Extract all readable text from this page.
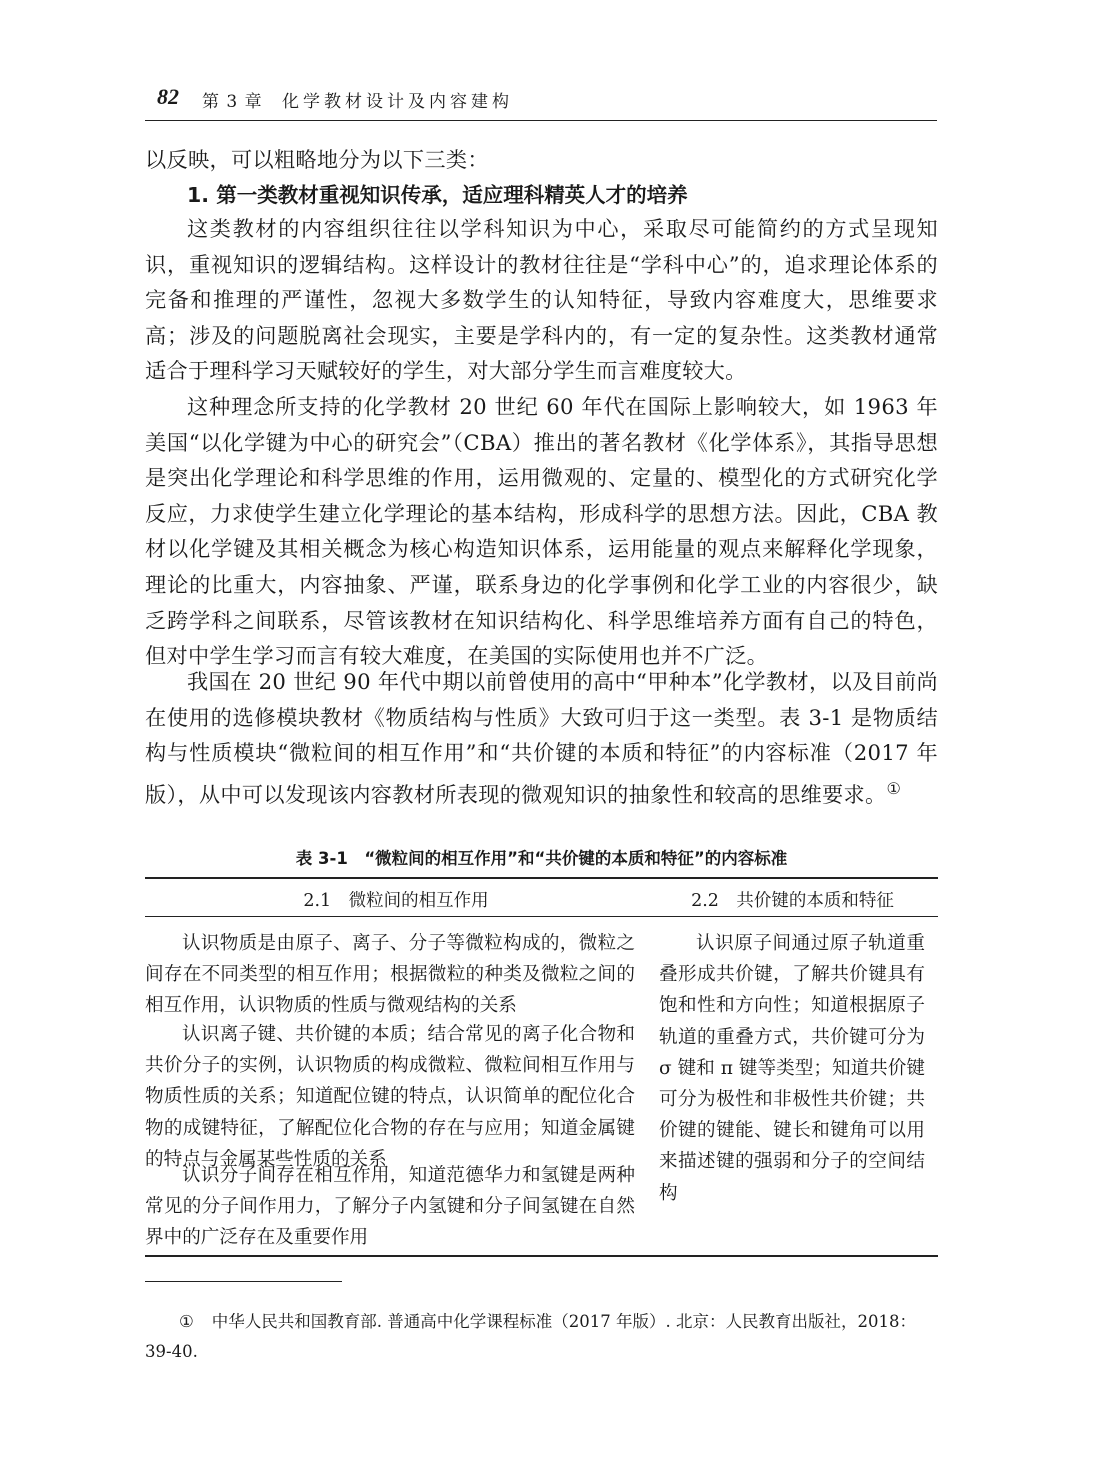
82 第 3 章 化学教材设计及内容建构

以反映，可以粗略地分为以下三类：

1. 第一类教材重视知识传承，适应理科精英人才的培养

这类教材的内容组织往往以学科知识为中心，采取尽可能简约的方式呈现知识，重视知识的逻辑结构。这样设计的教材往往是“学科中心”的，追求理论体系的完备和推理的严谨性，忽视大多数学生的认知特征，导致内容难度大，思维要求高；涉及的问题脱离社会现实，主要是学科内的，有一定的复杂性。这类教材通常适合于理科学习天赋较好的学生，对大部分学生而言难度较大。

这种理念所支持的化学教材 20 世纪 60 年代在国际上影响较大，如 1963 年美国“以化学键为中心的研究会”（CBA）推出的著名教材《化学体系》，其指导思想是突出化学理论和科学思维的作用，运用微观的、定量的、模型化的方式研究化学反应，力求使学生建立化学理论的基本结构，形成科学的思想方法。因此，CBA 教材以化学键及其相关概念为核心构造知识体系，运用能量的观点来解释化学现象，理论的比重大，内容抽象、严谨，联系身边的化学事例和化学工业的内容很少，缺乏跨学科之间联系，尽管该教材在知识结构化、科学思维培养方面有自己的特色，但对中学生学习而言有较大难度，在美国的实际使用也并不广泛。

我国在 20 世纪 90 年代中期以前曾使用的高中“甲种本”化学教材，以及目前尚在使用的选修模块教材《物质结构与性质》大致可归于这一类型。表 3-1 是物质结构与性质模块“微粒间的相互作用”和“共价键的本质和特征”的内容标准（2017 年版），从中可以发现该内容教材所表现的微观知识的抽象性和较高的思维要求。①

表 3-1　“微粒间的相互作用”和“共价键的本质和特征”的内容标准
2.1　微粒间的相互作用	2.2　共价键的本质和特征

认识物质是由原子、离子、分子等微粒构成的，微粒之间存在不同类型的相互作用；根据微粒的种类及微粒之间的相互作用，认识物质的性质与微观结构的关系

认识离子键、共价键的本质；结合常见的离子化合物和共价分子的实例，认识物质的构成微粒、微粒间相互作用与物质性质的关系；知道配位键的特点，认识简单的配位化合物的成键特征，了解配位化合物的存在与应用；知道金属键的特点与金属某些性质的关系

认识分子间存在相互作用，知道范德华力和氢键是两种常见的分子间作用力，了解分子内氢键和分子间氢键在自然界中的广泛存在及重要作用

认识原子间通过原子轨道重叠形成共价键，了解共价键具有饱和性和方向性；知道根据原子轨道的重叠方式，共价键可分为 σ 键和 π 键等类型；知道共价键可分为极性和非极性共价键；共价键的键能、键长和键角可以用来描述键的强弱和分子的空间结构

① 中华人民共和国教育部. 普通高中化学课程标准（2017 年版）. 北京：人民教育出版社，2018：39-40.
